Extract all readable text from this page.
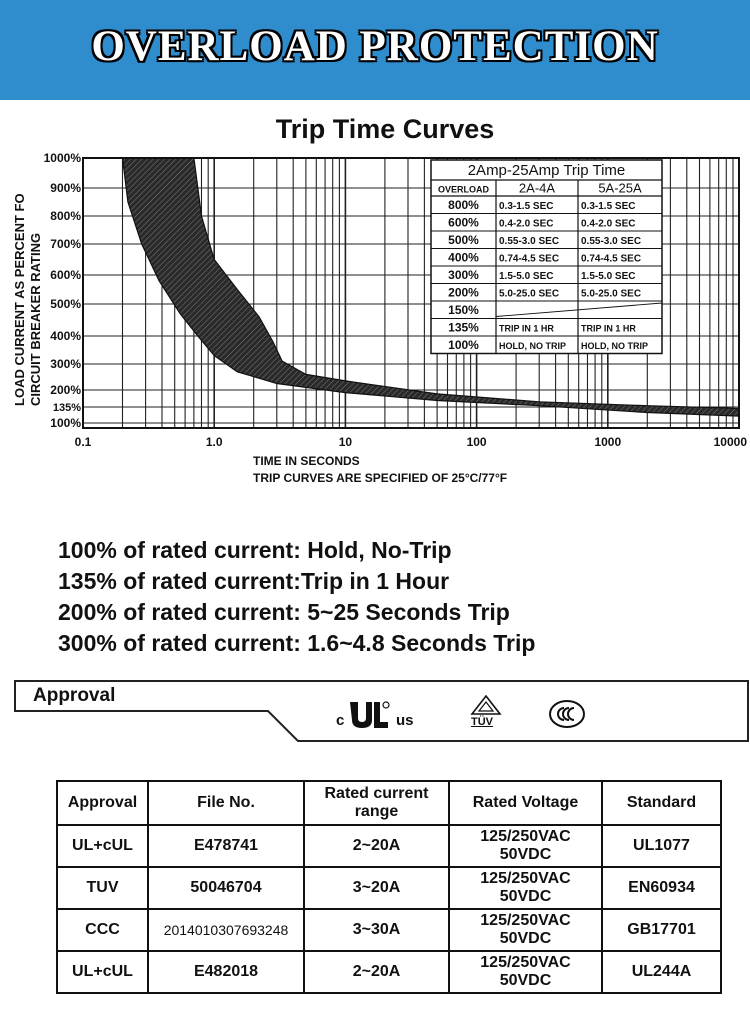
OVERLOAD PROTECTION
Trip Time Curves
2Amp-25Amp Trip Time
OVERLOAD 2A-4A	5A-25A
800% 0.3-1.5 SEC	0.3-1.5 SEC
600% 0.4-2.0 SEC	0.4-2.0 SEC
500% 0.55-3.0 SEC 0.55-3.0 SEC
400% 0.74-4.5 SEC 0.74-4.5 SEC
300% 1.5-5.0 SEC	1.5-5.0 SEC
200% 5.0-25.0 SEC 5.0-25.0 SEC
150%
135% TRIP IN 1 HR	TRIP IN 1 HR
100% HOLD, NO TRIP HOLD, NO TRIP
100%
135%
200%
300%
400%
500%
600%
700%
800%
900%
1000%
0.1	1.0	10	100	1000	10000
TIME IN SECONDS
TRIP CURVES ARE SPECIFIED OF 25°C/77°F
LOAD CURRENT AS PERCENT FO CIRCUIT BREAKER RATING
100% of rated current: Hold, No-Trip
135% of rated current:Trip in 1 Hour
200% of rated current: 5~25 Seconds Trip
300% of rated current: 1.6~4.8 Seconds Trip
Approval
c	us	TÜV
Approval	File No.	Rated current range	Rated Voltage	Standard
UL+cUL	E478741	2~20A	125/250VAC
50VDC	UL1077
TUV	50046704	3~20A	125/250VAC
50VDC	EN60934
CCC	2014010307693248	3~30A	125/250VAC
50VDC	GB17701
UL+cUL	E482018	2~20A	125/250VAC
50VDC	UL244A
